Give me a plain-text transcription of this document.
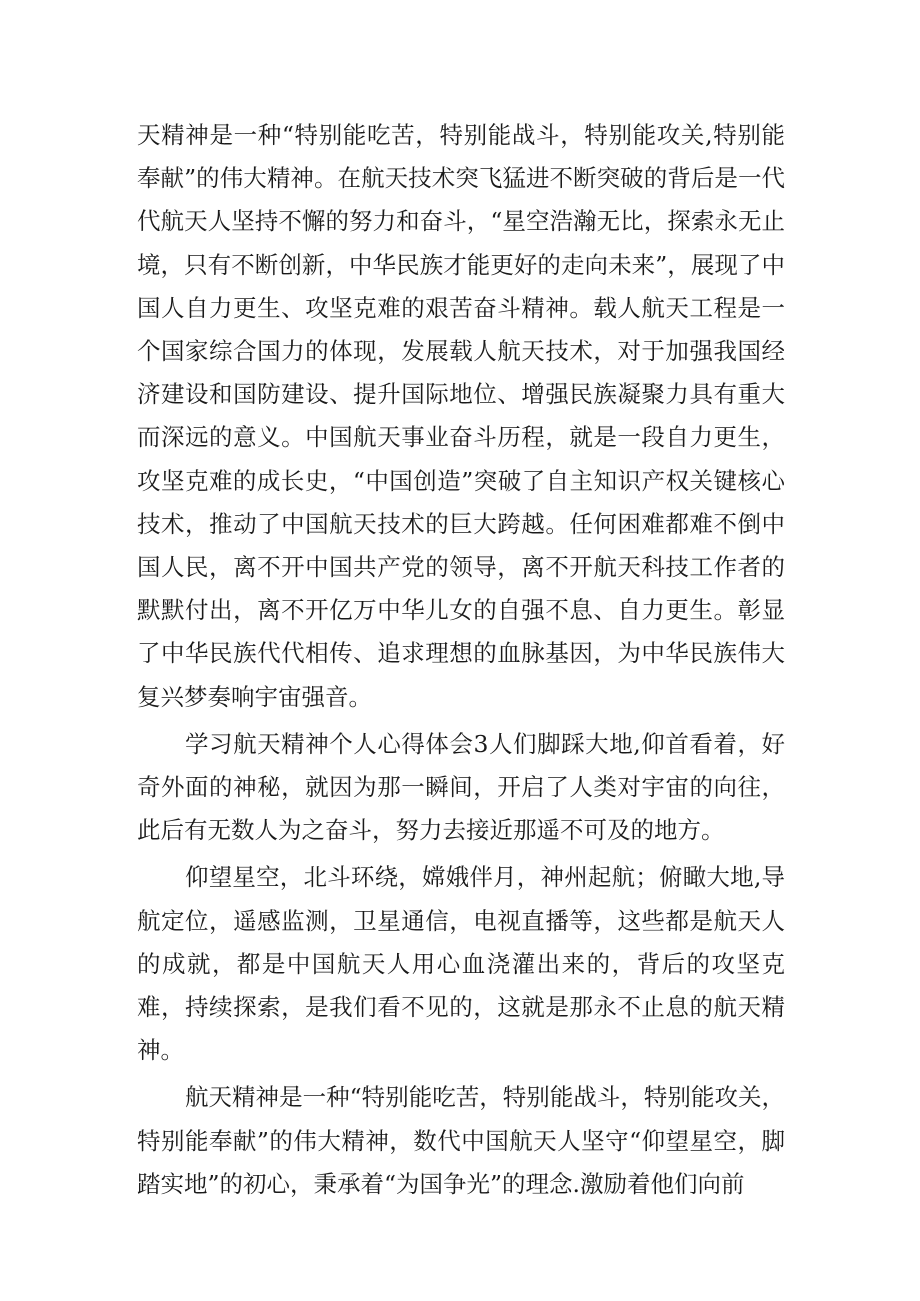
天精神是一种“特别能吃苦，特别能战斗，特别能攻关,特别能奉献”的伟大精神。在航天技术突飞猛进不断突破的背后是一代代航天人坚持不懈的努力和奋斗，“星空浩瀚无比，探索永无止境，只有不断创新，中华民族才能更好的走向未来”，展现了中国人自力更生、攻坚克难的艰苦奋斗精神。载人航天工程是一个国家综合国力的体现，发展载人航天技术，对于加强我国经济建设和国防建设、提升国际地位、增强民族凝聚力具有重大而深远的意义。中国航天事业奋斗历程，就是一段自力更生，攻坚克难的成长史，“中国创造”突破了自主知识产权关键核心技术，推动了中国航天技术的巨大跨越。任何困难都难不倒中国人民，离不开中国共产党的领导，离不开航天科技工作者的默默付出，离不开亿万中华儿女的自强不息、自力更生。彰显了中华民族代代相传、追求理想的血脉基因，为中华民族伟大复兴梦奏响宇宙强音。

学习航天精神个人心得体会3人们脚踩大地,仰首看着，好奇外面的神秘，就因为那一瞬间，开启了人类对宇宙的向往，此后有无数人为之奋斗，努力去接近那遥不可及的地方。

仰望星空，北斗环绕，嫦娥伴月，神州起航；俯瞰大地,导航定位，遥感监测，卫星通信，电视直播等，这些都是航天人的成就，都是中国航天人用心血浇灌出来的，背后的攻坚克难，持续探索，是我们看不见的，这就是那永不止息的航天精神。

航天精神是一种“特别能吃苦，特别能战斗，特别能攻关，特别能奉献”的伟大精神，数代中国航天人坚守“仰望星空，脚踏实地”的初心，秉承着“为国争光”的理念.激励着他们向前
